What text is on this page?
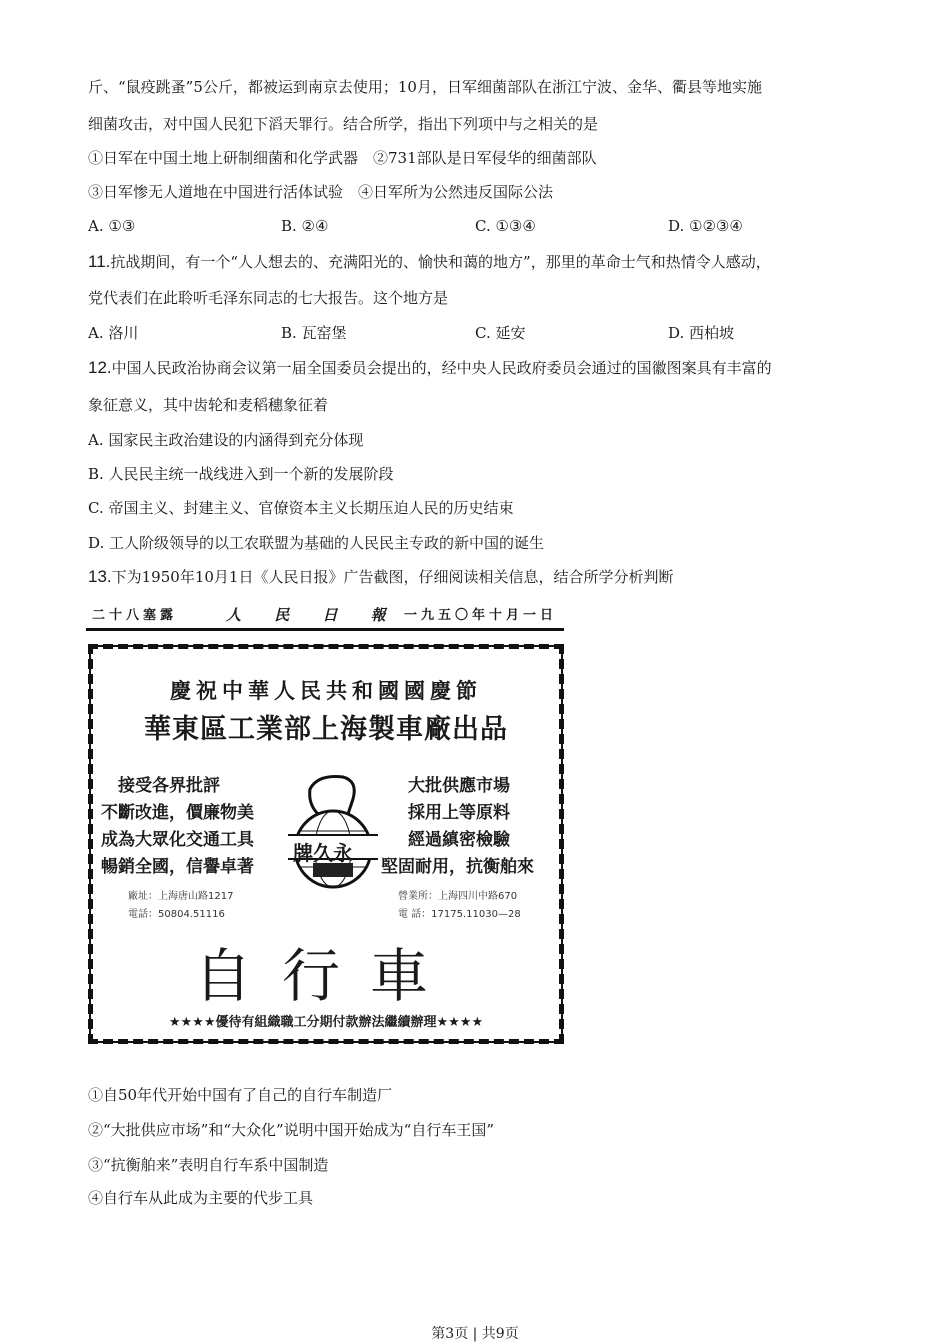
斤、“鼠疫跳蚤”5公斤，都被运到南京去使用；10月，日军细菌部队在浙江宁波、金华、衢县等地实施
细菌攻击，对中国人民犯下滔天罪行。结合所学，指出下列项中与之相关的是
①日军在中国土地上研制细菌和化学武器　②731部队是日军侵华的细菌部队
③日军惨无人道地在中国进行活体试验　④日军所为公然违反国际公法
A. ①③	B. ②④	C. ①③④	D. ①②③④
11.抗战期间，有一个“人人想去的、充满阳光的、愉快和蔼的地方”，那里的革命士气和热情令人感动，
党代表们在此聆听毛泽东同志的七大报告。这个地方是
A. 洛川	B. 瓦窑堡	C. 延安	D. 西柏坡
12.中国人民政治协商会议第一届全国委员会提出的，经中央人民政府委员会通过的国徽图案具有丰富的
象征意义，其中齿轮和麦稻穗象征着
A. 国家民主政治建设的内涵得到充分体现
B. 人民民主统一战线进入到一个新的发展阶段
C. 帝国主义、封建主义、官僚资本主义长期压迫人民的历史结束
D. 工人阶级领导的以工农联盟为基础的人民民主专政的新中国的诞生
13.下为1950年10月1日《人民日报》广告截图，仔细阅读相关信息，结合所学分析判断
二十八塞露	人 民 日 報 一九五〇年十月一日
慶祝中華人民共和國國慶節
華東區工業部上海製車廠出品
接受各界批評
不斷改進，價廉物美
成為大眾化交通工具
暢銷全國，信譽卓著
大批供應市場
採用上等原料
經過縝密檢驗
堅固耐用，抗衡舶來
牌久永
廠址：上海唐山路1217
電話：50804.51116
營業所：上海四川中路670
電 話：17175.11030—28
自行車
★★★★優待有組織職工分期付款辦法繼續辦理★★★★
①自50年代开始中国有了自己的自行车制造厂
②“大批供应市场”和“大众化”说明中国开始成为“自行车王国”
③“抗衡舶来”表明自行车系中国制造
④自行车从此成为主要的代步工具
第3页 | 共9页
